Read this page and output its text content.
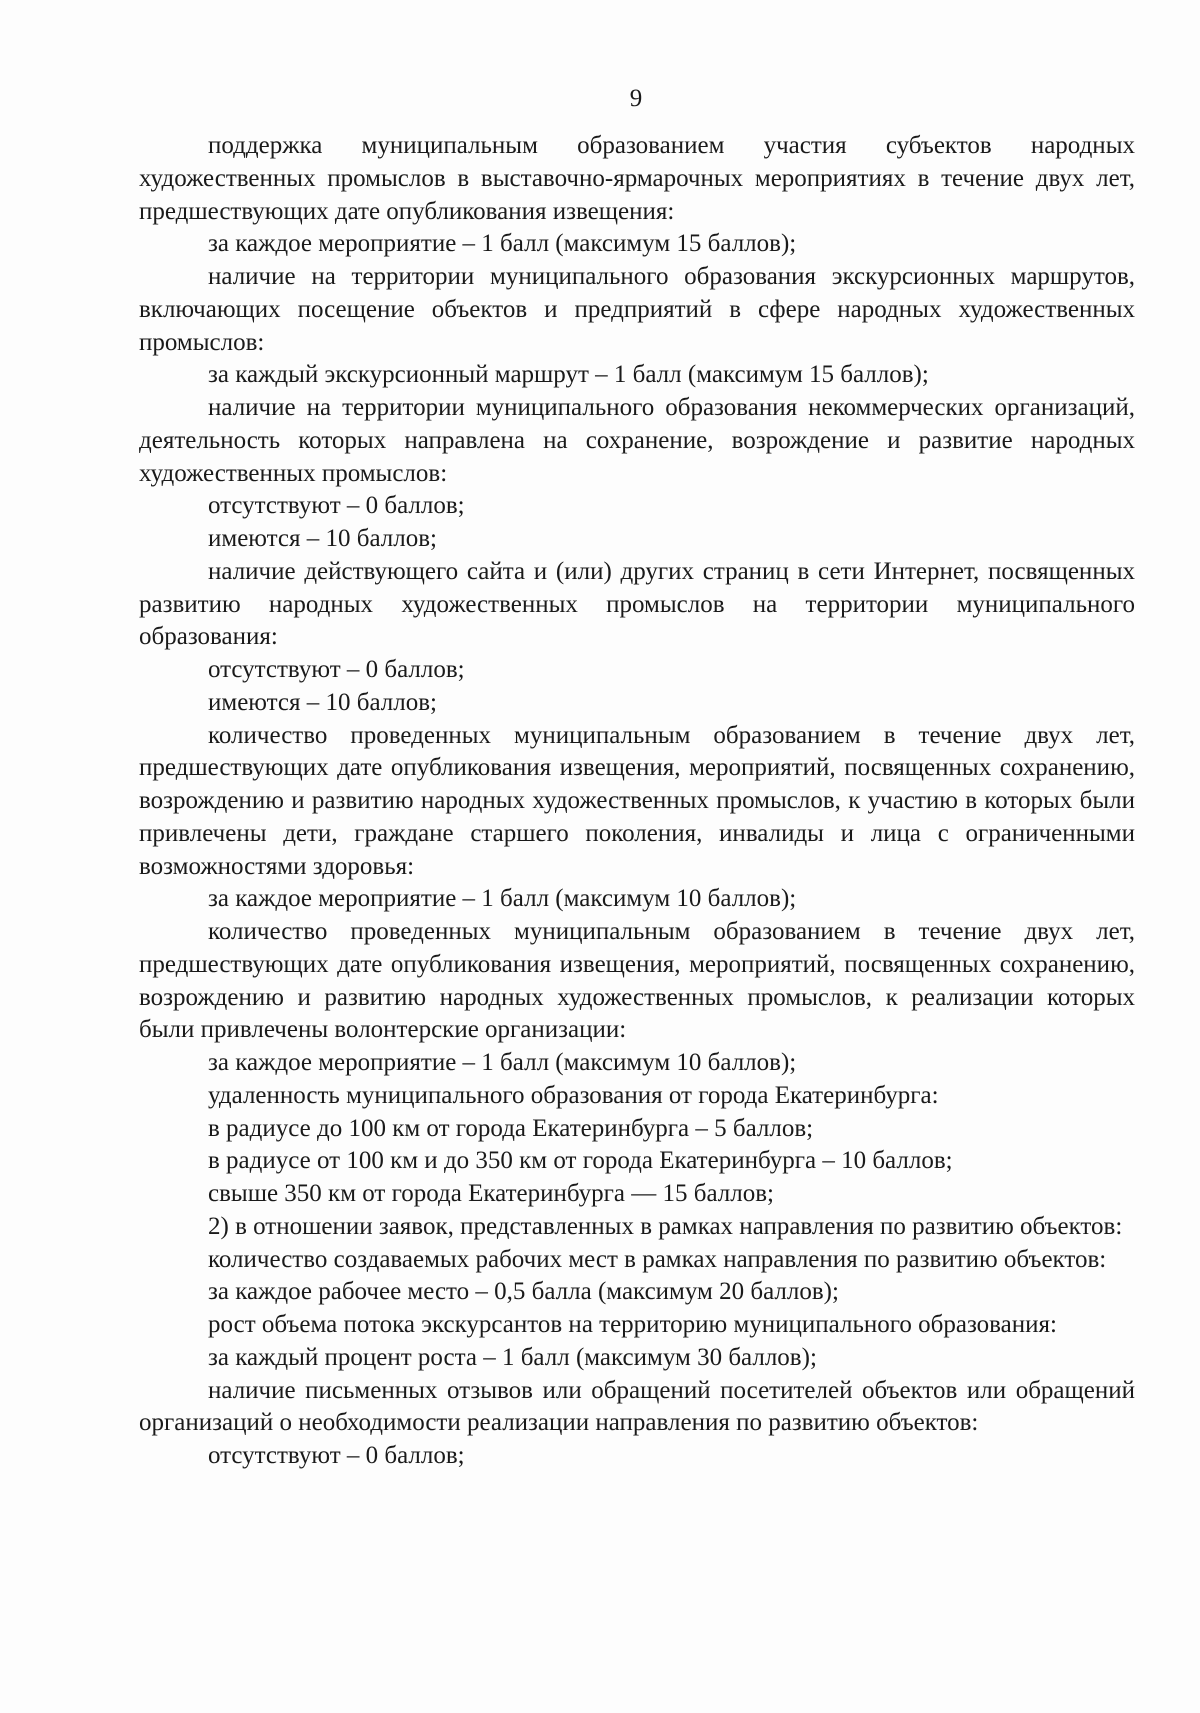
9

поддержка муниципальным образованием участия субъектов народных художественных промыслов в выставочно-ярмарочных мероприятиях в течение двух лет, предшествующих дате опубликования извещения:

за каждое мероприятие – 1 балл (максимум 15 баллов);

наличие на территории муниципального образования экскурсионных маршрутов, включающих посещение объектов и предприятий в сфере народных художественных промыслов:

за каждый экскурсионный маршрут – 1 балл (максимум 15 баллов);

наличие на территории муниципального образования некоммерческих организаций, деятельность которых направлена на сохранение, возрождение и развитие народных художественных промыслов:

отсутствуют – 0 баллов;

имеются – 10 баллов;

наличие действующего сайта и (или) других страниц в сети Интернет, посвященных развитию народных художественных промыслов на территории муниципального образования:

отсутствуют – 0 баллов;

имеются – 10 баллов;

количество проведенных муниципальным образованием в течение двух лет, предшествующих дате опубликования извещения, мероприятий, посвященных сохранению, возрождению и развитию народных художественных промыслов, к участию в которых были привлечены дети, граждане старшего поколения, инвалиды и лица с ограниченными возможностями здоровья:

за каждое мероприятие – 1 балл (максимум 10 баллов);

количество проведенных муниципальным образованием в течение двух лет, предшествующих дате опубликования извещения, мероприятий, посвященных сохранению, возрождению и развитию народных художественных промыслов, к реализации которых были привлечены волонтерские организации:

за каждое мероприятие – 1 балл (максимум 10 баллов);

удаленность муниципального образования от города Екатеринбурга:

в радиусе до 100 км от города Екатеринбурга – 5 баллов;

в радиусе от 100 км и до 350 км от города Екатеринбурга – 10 баллов;

свыше 350 км от города Екатеринбурга — 15 баллов;

2) в отношении заявок, представленных в рамках направления по развитию объектов:

количество создаваемых рабочих мест в рамках направления по развитию объектов:

за каждое рабочее место – 0,5 балла (максимум 20 баллов);

рост объема потока экскурсантов на территорию муниципального образования:

за каждый процент роста – 1 балл (максимум 30 баллов);

наличие письменных отзывов или обращений посетителей объектов или обращений организаций о необходимости реализации направления по развитию объектов:

отсутствуют – 0 баллов;
